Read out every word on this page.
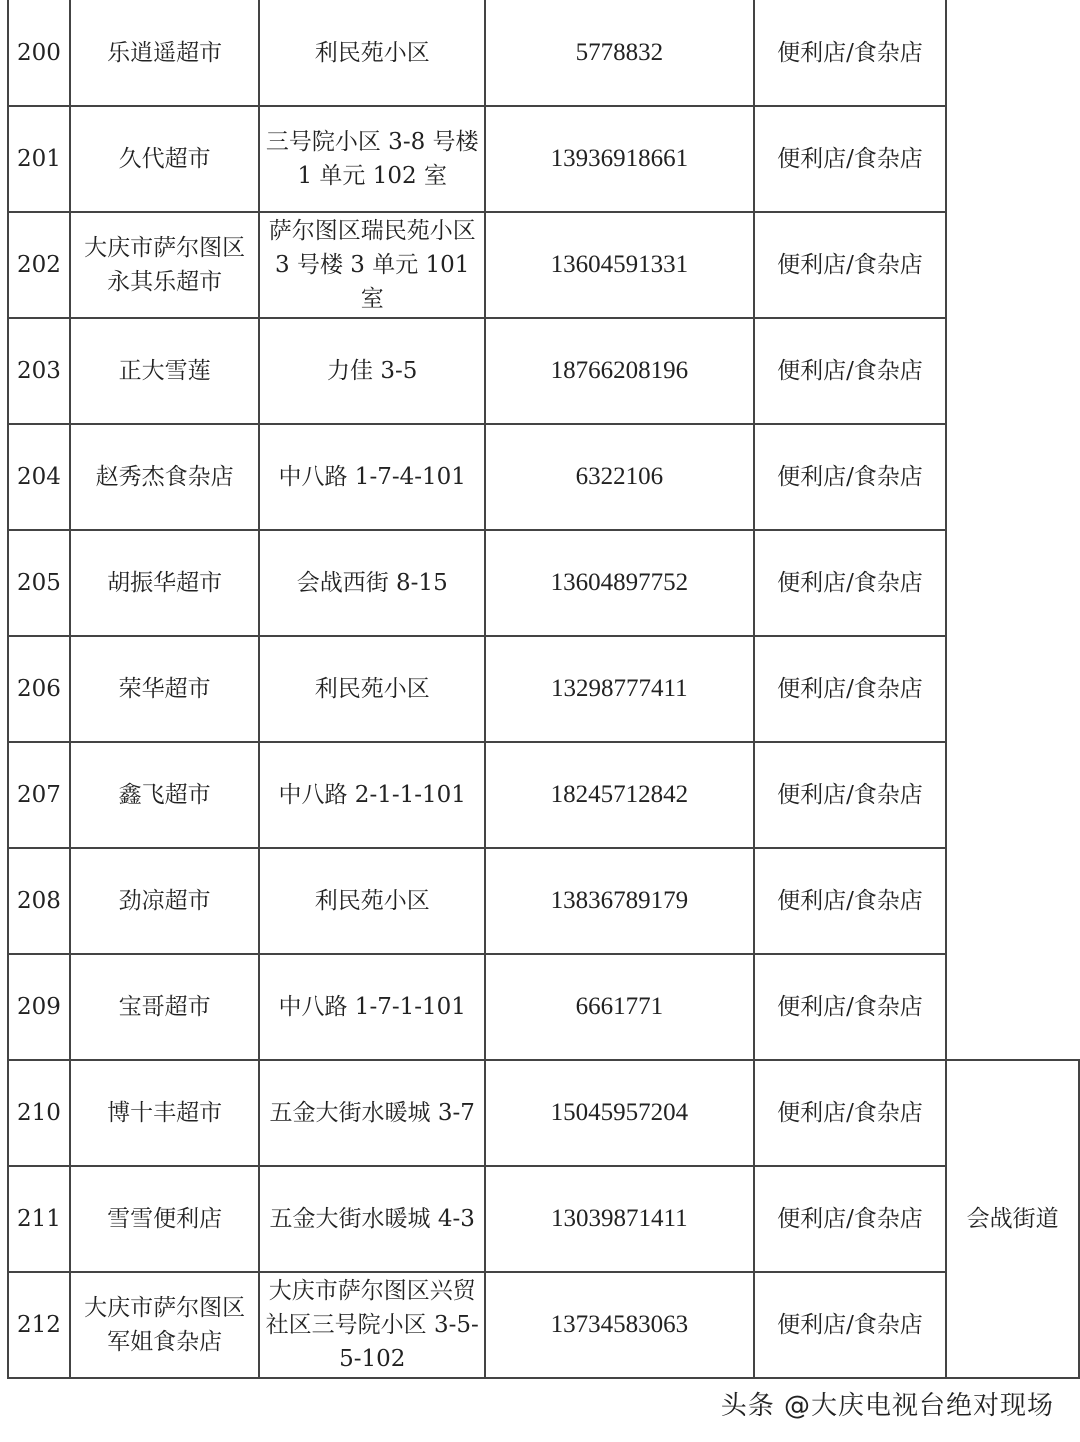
200	乐逍遥超市	利民苑小区	5778832	便利店/食杂店	
201	久代超市	三号院小区 3-8 号楼 1 单元 102 室	13936918661	便利店/食杂店	
202	大庆市萨尔图区永其乐超市	萨尔图区瑞民苑小区 3 号楼 3 单元 101 室	13604591331	便利店/食杂店	
203	正大雪莲	力佳 3-5	18766208196	便利店/食杂店	
204	赵秀杰食杂店	中八路 1-7-4-101	6322106	便利店/食杂店	
205	胡振华超市	会战西街 8-15	13604897752	便利店/食杂店	
206	荣华超市	利民苑小区	13298777411	便利店/食杂店	
207	鑫飞超市	中八路 2-1-1-101	18245712842	便利店/食杂店	
208	劲凉超市	利民苑小区	13836789179	便利店/食杂店	
209	宝哥超市	中八路 1-7-1-101	6661771	便利店/食杂店	
210	博十丰超市	五金大街水暖城 3-7	15045957204	便利店/食杂店	会战街道
211	雪雪便利店	五金大街水暖城 4-3	13039871411	便利店/食杂店	
212	大庆市萨尔图区军姐食杂店	大庆市萨尔图区兴贸社区三号院小区 3-5-5-102	13734583063	便利店/食杂店	
头条 @大庆电视台绝对现场
